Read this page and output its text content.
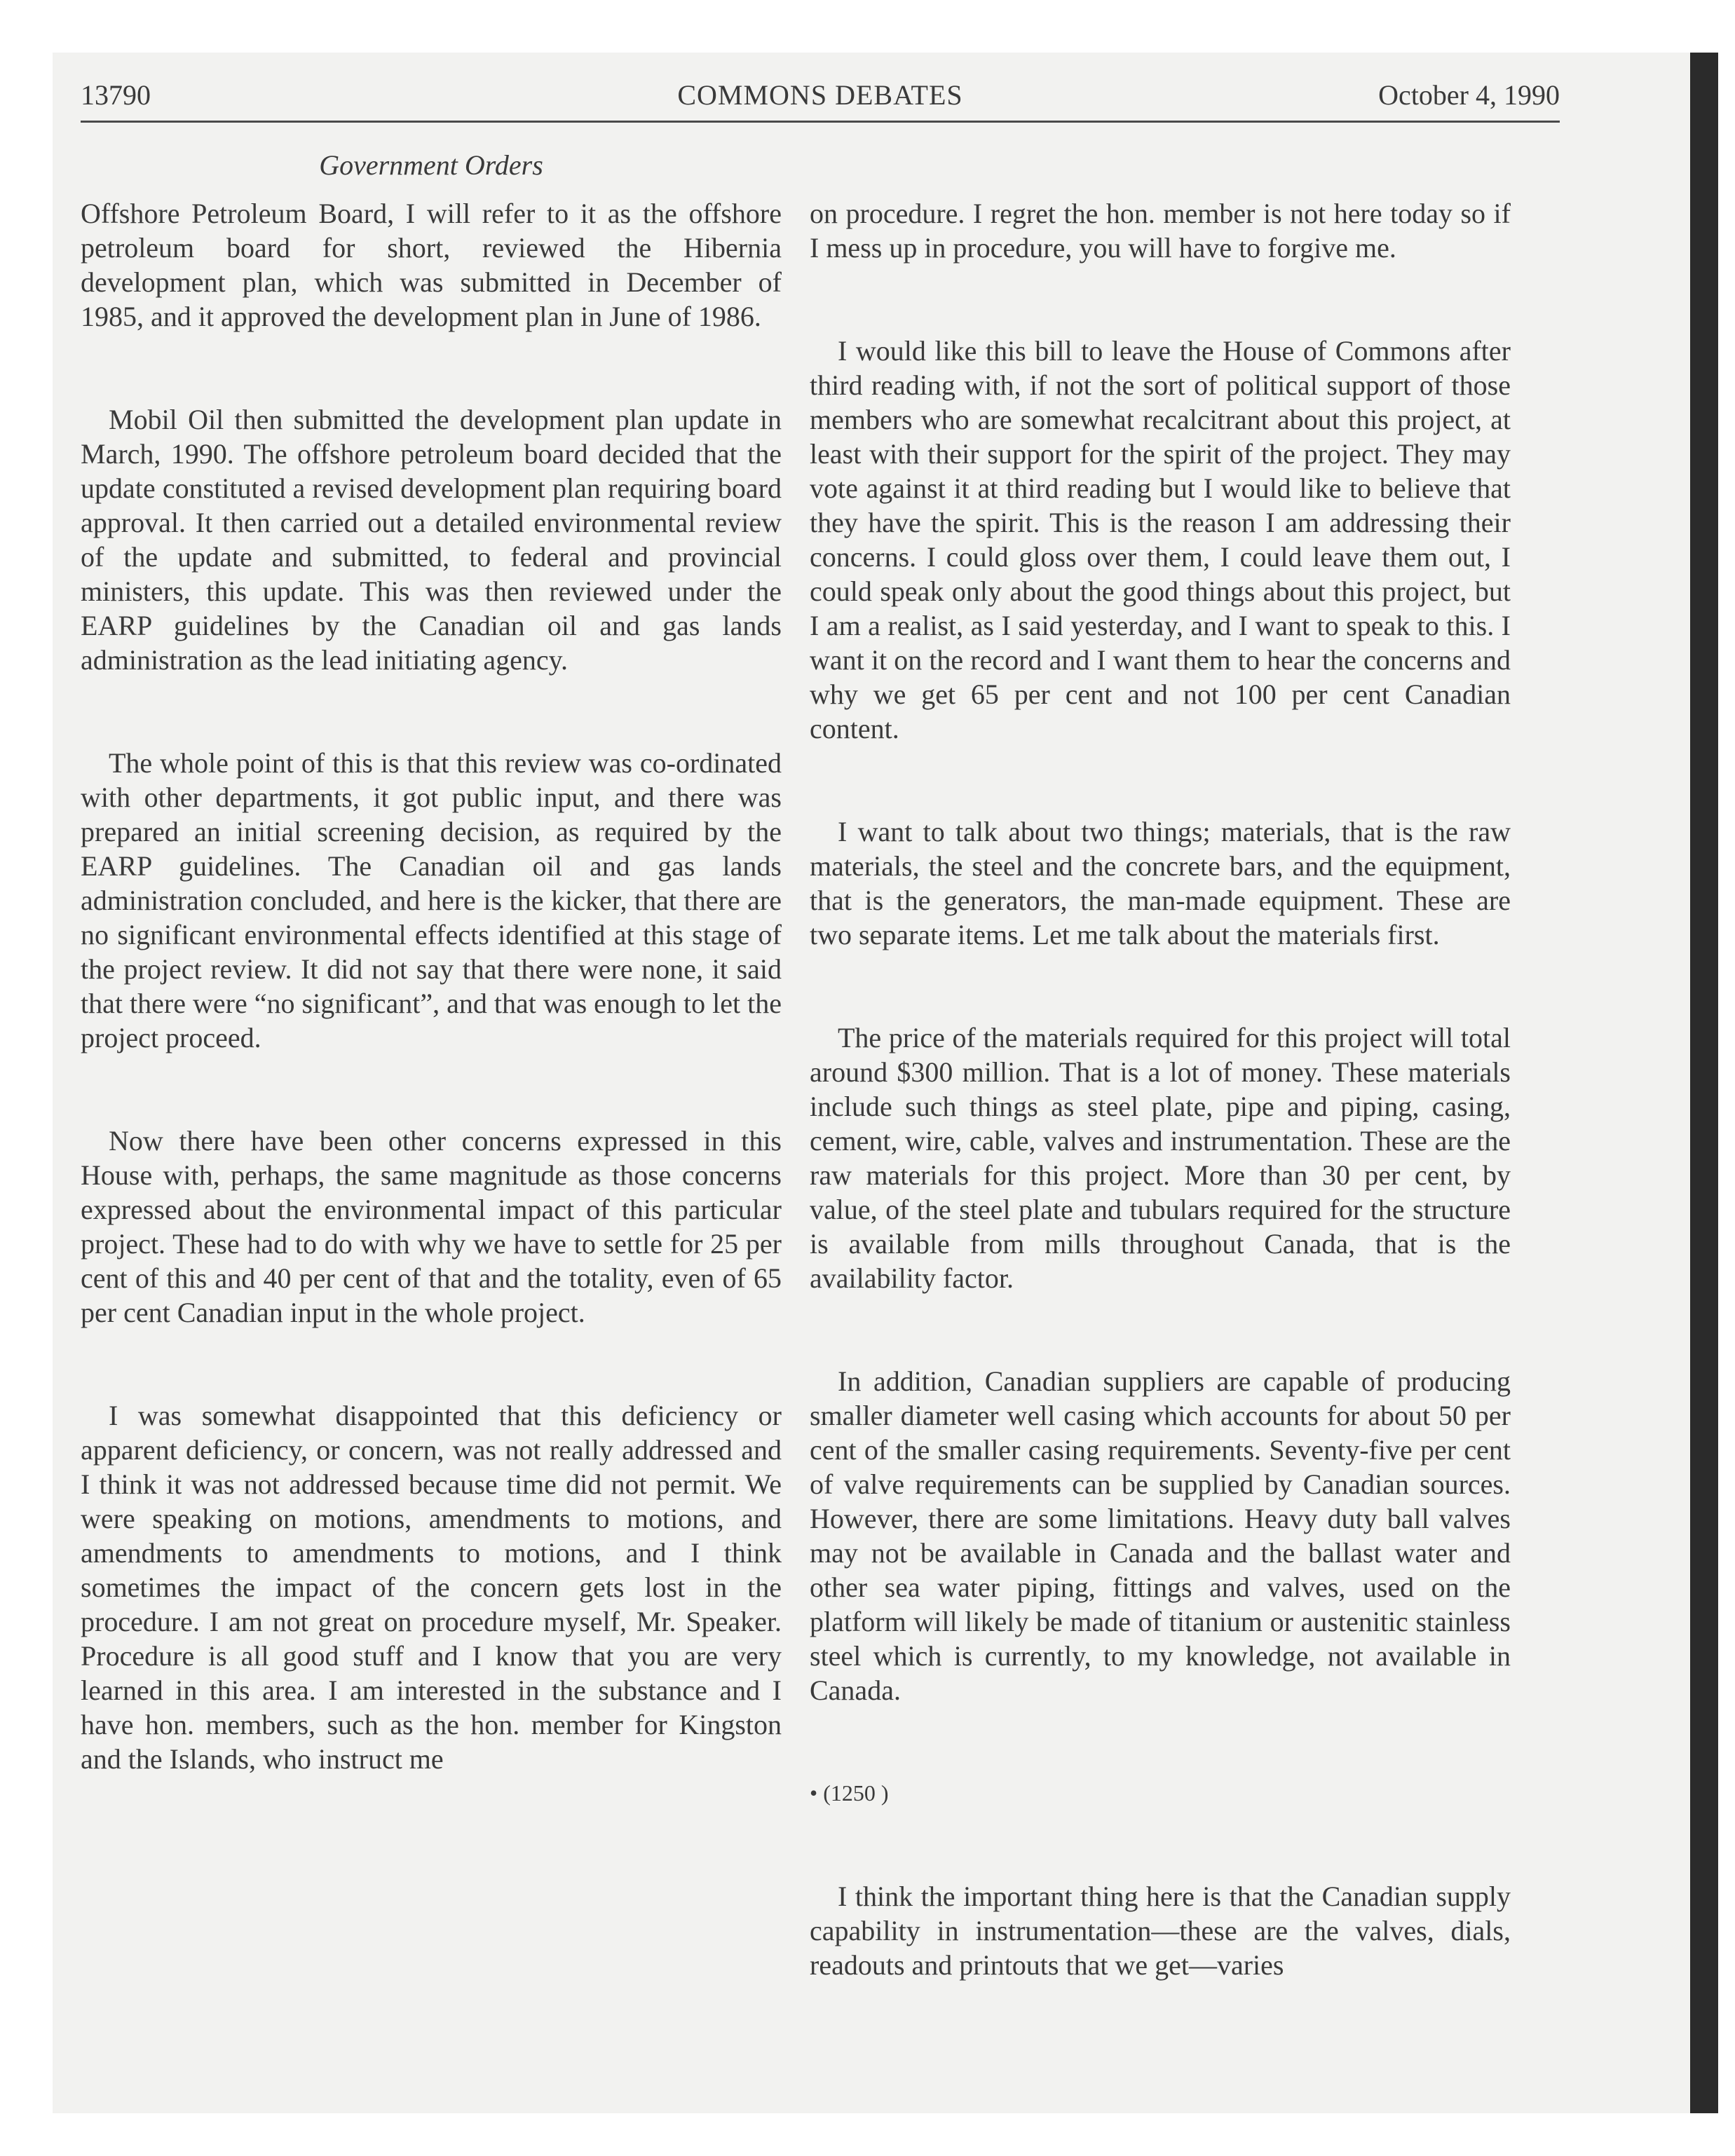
13790	COMMONS DEBATES	October 4, 1990
Government Orders

Offshore Petroleum Board, I will refer to it as the offshore petroleum board for short, reviewed the Hibernia development plan, which was submitted in December of 1985, and it approved the development plan in June of 1986.

Mobil Oil then submitted the development plan update in March, 1990. The offshore petroleum board decided that the update constituted a revised development plan requiring board approval. It then carried out a detailed environmental review of the update and submitted, to federal and provincial ministers, this update. This was then reviewed under the EARP guidelines by the Canadian oil and gas lands administration as the lead initiating agency.

The whole point of this is that this review was co-ordinated with other departments, it got public input, and there was prepared an initial screening decision, as required by the EARP guidelines. The Canadian oil and gas lands administration concluded, and here is the kicker, that there are no significant environmental effects identified at this stage of the project review. It did not say that there were none, it said that there were “no significant”, and that was enough to let the project proceed.

Now there have been other concerns expressed in this House with, perhaps, the same magnitude as those concerns expressed about the environmental impact of this particular project. These had to do with why we have to settle for 25 per cent of this and 40 per cent of that and the totality, even of 65 per cent Canadian input in the whole project.

I was somewhat disappointed that this deficiency or apparent deficiency, or concern, was not really addressed and I think it was not addressed because time did not permit. We were speaking on motions, amendments to motions, and amendments to amendments to motions, and I think sometimes the impact of the concern gets lost in the procedure. I am not great on procedure myself, Mr. Speaker. Procedure is all good stuff and I know that you are very learned in this area. I am interested in the substance and I have hon. members, such as the hon. member for Kingston and the Islands, who instruct me

on procedure. I regret the hon. member is not here today so if I mess up in procedure, you will have to forgive me.

I would like this bill to leave the House of Commons after third reading with, if not the sort of political support of those members who are somewhat recalcitrant about this project, at least with their support for the spirit of the project. They may vote against it at third reading but I would like to believe that they have the spirit. This is the reason I am addressing their concerns. I could gloss over them, I could leave them out, I could speak only about the good things about this project, but I am a realist, as I said yesterday, and I want to speak to this. I want it on the record and I want them to hear the concerns and why we get 65 per cent and not 100 per cent Canadian content.

I want to talk about two things; materials, that is the raw materials, the steel and the concrete bars, and the equipment, that is the generators, the man-made equipment. These are two separate items. Let me talk about the materials first.

The price of the materials required for this project will total around $300 million. That is a lot of money. These materials include such things as steel plate, pipe and piping, casing, cement, wire, cable, valves and instrumentation. These are the raw materials for this project. More than 30 per cent, by value, of the steel plate and tubulars required for the structure is available from mills throughout Canada, that is the availability factor.

In addition, Canadian suppliers are capable of producing smaller diameter well casing which accounts for about 50 per cent of the smaller casing requirements. Seventy-five per cent of valve requirements can be supplied by Canadian sources. However, there are some limitations. Heavy duty ball valves may not be available in Canada and the ballast water and other sea water piping, fittings and valves, used on the platform will likely be made of titanium or austenitic stainless steel which is currently, to my knowledge, not available in Canada.

• (1250 )

I think the important thing here is that the Canadian supply capability in instrumentation—these are the valves, dials, readouts and printouts that we get—varies
